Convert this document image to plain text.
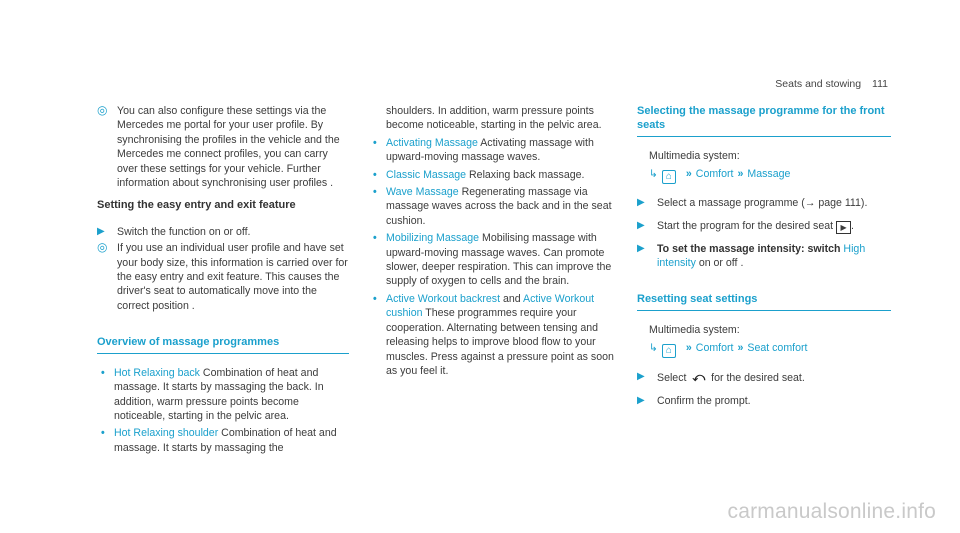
Seats and stowing 111
◎ You can also configure these settings via the Mercedes me portal for your user profile. By synchronising the profiles in the vehicle and the Mercedes me connect profiles, you can carry over these settings for your vehicle. Further information about synchronising user profiles .
Setting the easy entry and exit feature
▶ Switch the function on or off.
◎ If you use an individual user profile and have set your body size, this information is carried over for the easy entry and exit feature. This causes the driver's seat to automatically move into the correct position .
Overview of massage programmes
• Hot Relaxing back Combination of heat and massage. It starts by massaging the back. In addition, warm pressure points become noticeable, starting in the pelvic area.
• Hot Relaxing shoulder Combination of heat and massage. It starts by massaging the
shoulders. In addition, warm pressure points become noticeable, starting in the pelvic area.
• Activating Massage Activating massage with upward-moving massage waves.
• Classic Massage Relaxing back massage.
• Wave Massage Regenerating massage via massage waves across the back and in the seat cushion.
• Mobilizing Massage Mobilising massage with upward-moving massage waves. Can promote slower, deeper respiration. This can improve the supply of oxygen to cells and the brain.
• Active Workout backrest and Active Workout cushion These programmes require your cooperation. Alternating between tensing and releasing helps to improve blood flow to your muscles. Press against a pressure point as soon as you feel it.
Selecting the massage programme for the front seats
Multimedia system:
↳ ⌂ » Comfort » Massage
▶ Select a massage programme (→ page 111).
▶ Start the program for the desired seat ▶ .
▶ To set the massage intensity: switch High intensity on or off .
Resetting seat settings
Multimedia system:
↳ ⌂ » Comfort » Seat comfort
▶ Select ⤺ for the desired seat.
▶ Confirm the prompt.
carmanualsonline.info
